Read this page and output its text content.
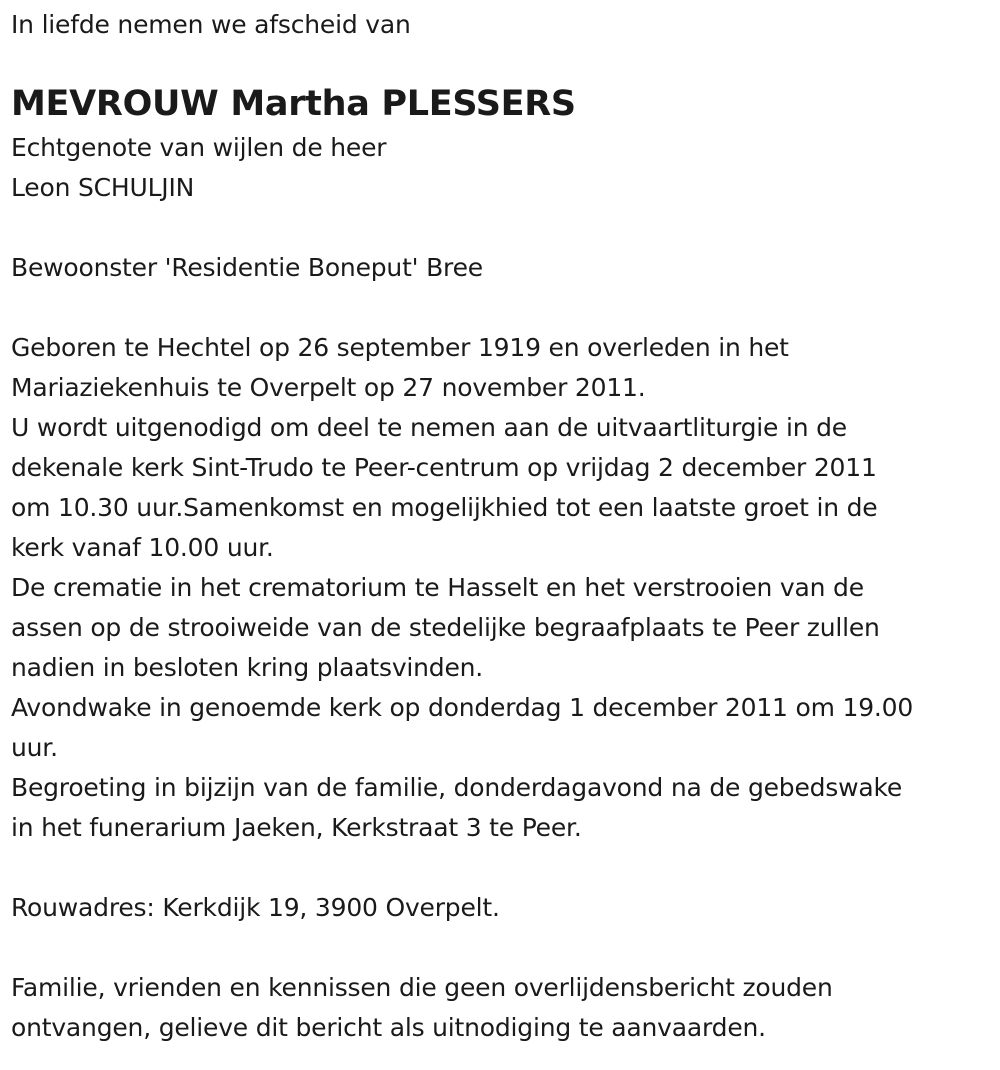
In liefde nemen we afscheid van
MEVROUW Martha PLESSERS
Echtgenote van wijlen de heer
Leon SCHULJIN
Bewoonster 'Residentie Boneput' Bree
Geboren te Hechtel op 26 september 1919 en overleden in het
Mariaziekenhuis te Overpelt op 27 november 2011.
U wordt uitgenodigd om deel te nemen aan de uitvaartliturgie in de
dekenale kerk Sint-Trudo te Peer-centrum op vrijdag 2 december 2011
om 10.30 uur.Samenkomst en mogelijkhied tot een laatste groet in de
kerk vanaf 10.00 uur.
De crematie in het crematorium te Hasselt en het verstrooien van de
assen op de strooiweide van de stedelijke begraafplaats te Peer zullen
nadien in besloten kring plaatsvinden.
Avondwake in genoemde kerk op donderdag 1 december 2011 om 19.00
uur.
Begroeting in bijzijn van de familie, donderdagavond na de gebedswake
in het funerarium Jaeken, Kerkstraat 3 te Peer.
Rouwadres: Kerkdijk 19, 3900 Overpelt.
Familie, vrienden en kennissen die geen overlijdensbericht zouden
ontvangen, gelieve dit bericht als uitnodiging te aanvaarden.
